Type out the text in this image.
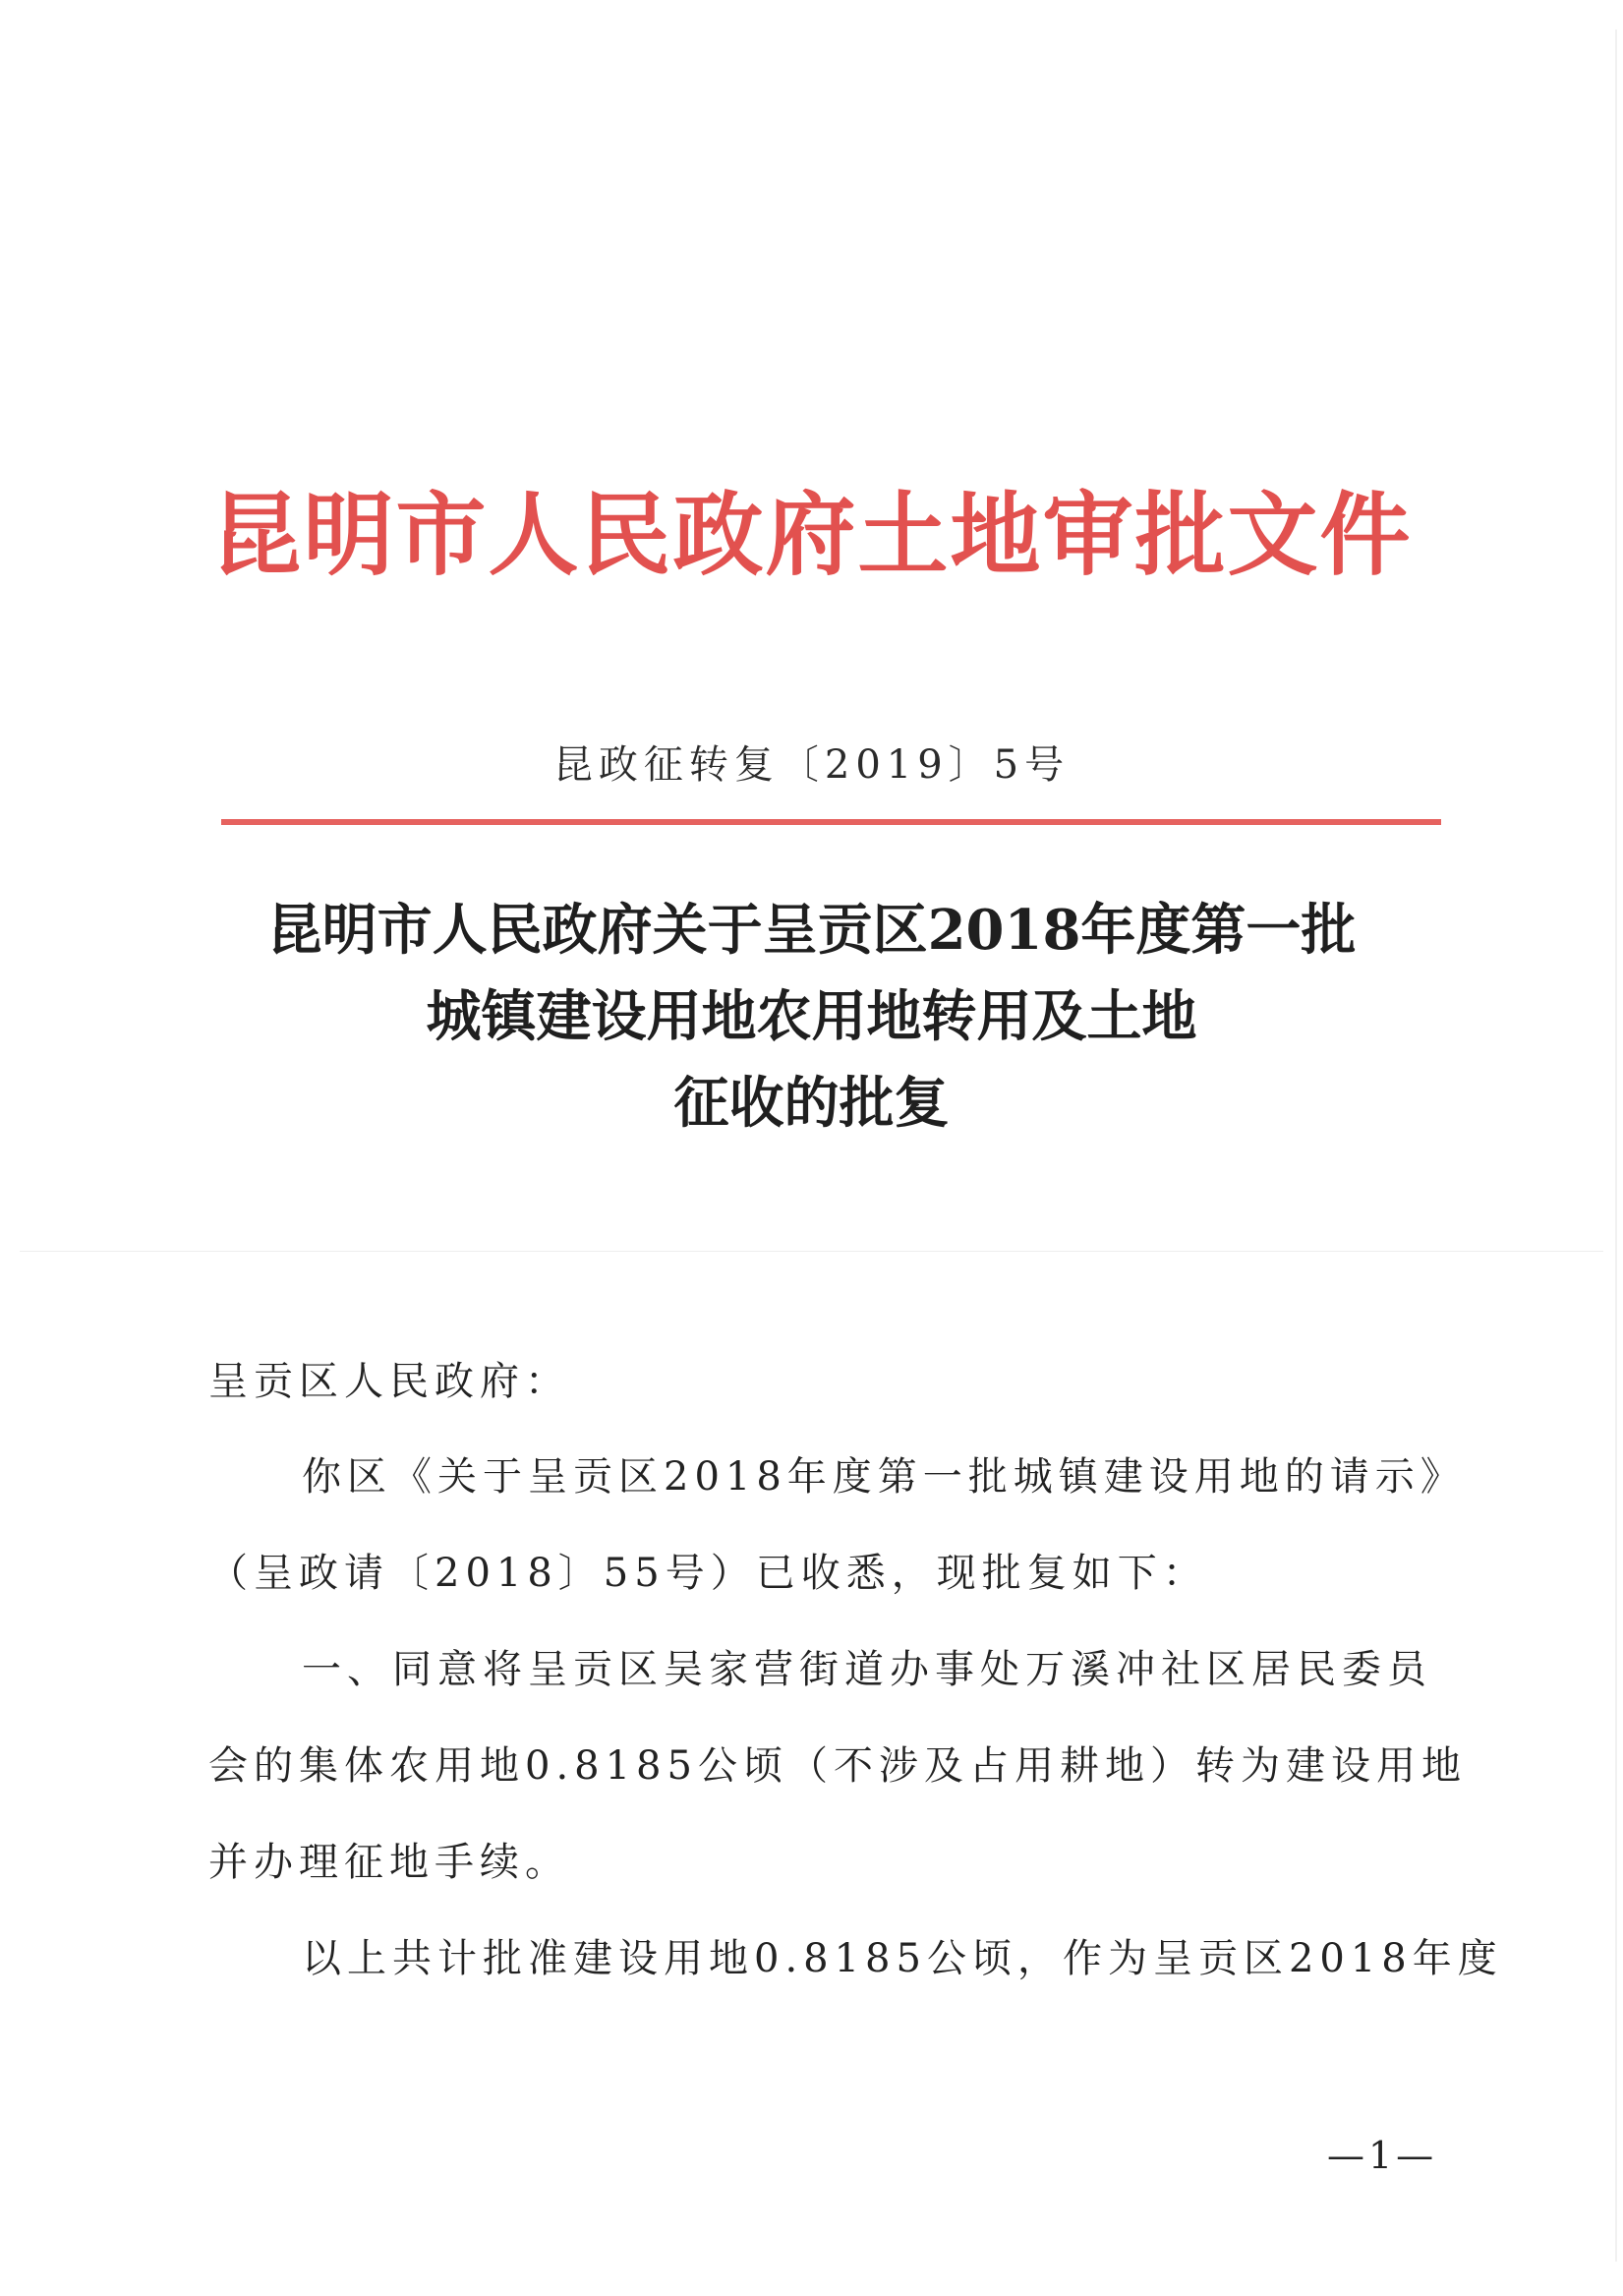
昆明市人民政府土地审批文件
昆政征转复〔2019〕5号
昆明市人民政府关于呈贡区2018年度第一批
城镇建设用地农用地转用及土地
征收的批复
呈贡区人民政府：
你区《关于呈贡区2018年度第一批城镇建设用地的请示》
（呈政请〔2018〕55号）已收悉，现批复如下：
一、同意将呈贡区吴家营街道办事处万溪冲社区居民委员
会的集体农用地0.8185公顷（不涉及占用耕地）转为建设用地
并办理征地手续。
以上共计批准建设用地0.8185公顷，作为呈贡区2018年度
—1—
